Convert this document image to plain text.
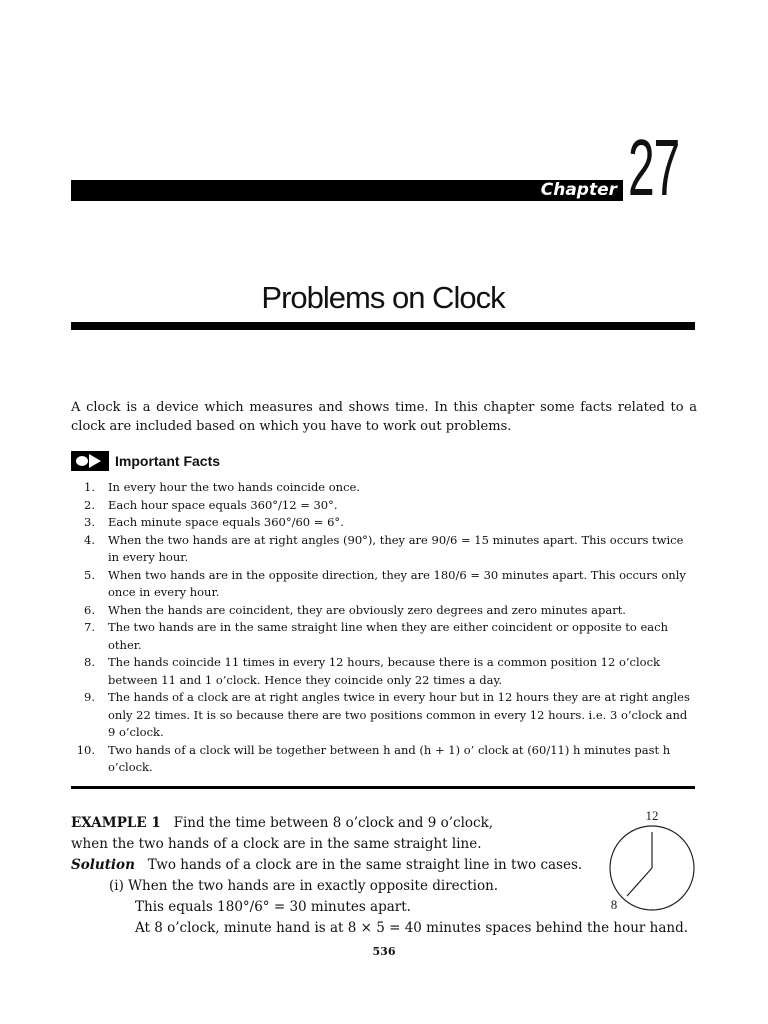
Chapter 27
Problems on Clock
A clock is a device which measures and shows time. In this chapter some facts related to a clock are included based on which you have to work out problems.
Important Facts
1. In every hour the two hands coincide once.
2. Each hour space equals 360°/12 = 30°.
3. Each minute space equals 360°/60 = 6°.
4. When the two hands are at right angles (90°), they are 90/6 = 15 minutes apart. This occurs twice in every hour.
5. When two hands are in the opposite direction, they are 180/6 = 30 minutes apart. This occurs only once in every hour.
6. When the hands are coincident, they are obviously zero degrees and zero minutes apart.
7. The two hands are in the same straight line when they are either coincident or opposite to each other.
8. The hands coincide 11 times in every 12 hours, because there is a common position 12 o’clock between 11 and 1 o’clock. Hence they coincide only 22 times a day.
9. The hands of a clock are at right angles twice in every hour but in 12 hours they are at right angles only 22 times. It is so because there are two positions common in every 12 hours. i.e. 3 o’clock and 9 o’clock.
10. Two hands of a clock will be together between h and (h + 1) o’ clock at (60/11) h minutes past h o’clock.
EXAMPLE 1 Find the time between 8 o’clock and 9 o’clock,
when the two hands of a clock are in the same straight line.
Solution Two hands of a clock are in the same straight line in two cases.
(i) When the two hands are in exactly opposite direction.
This equals 180°/6° = 30 minutes apart.
At 8 o’clock, minute hand is at 8 × 5 = 40 minutes spaces behind the hour hand.
12
8
536
